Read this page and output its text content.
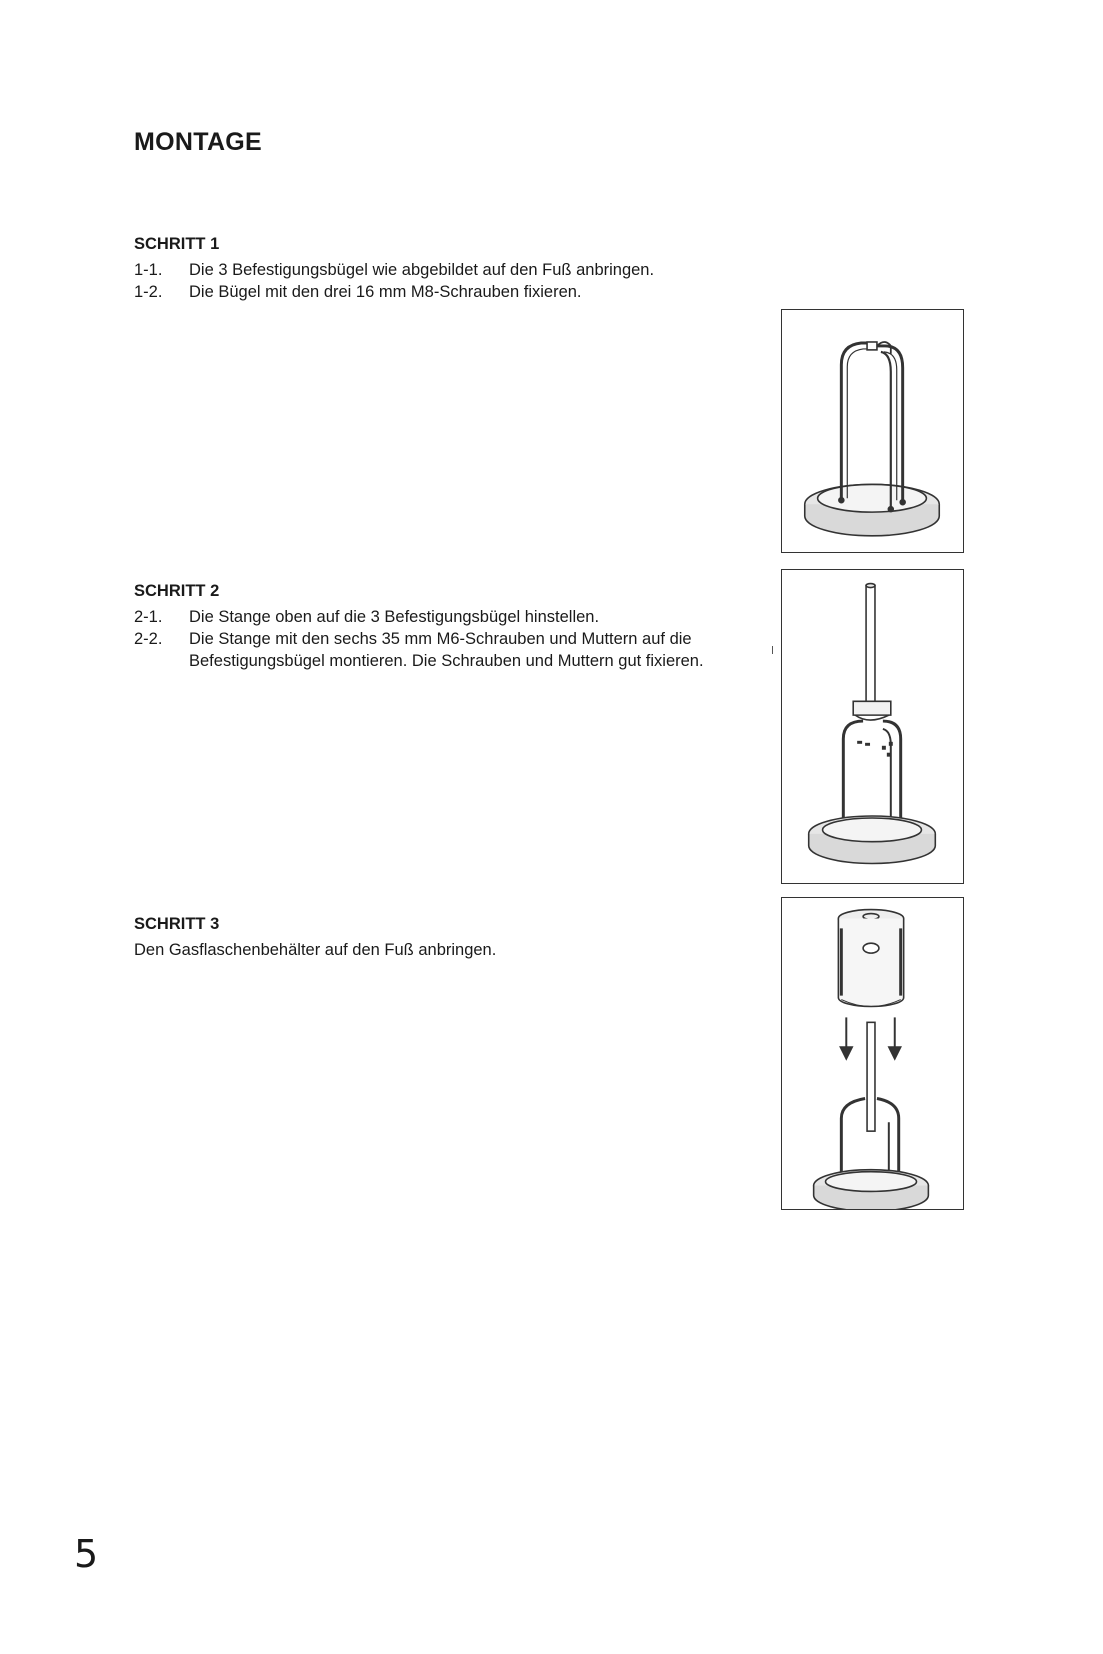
MONTAGE
SCHRITT 1
1-1.	Die 3 Befestigungsbügel wie abgebildet auf den Fuß anbringen.
1-2.	Die Bügel mit den drei 16 mm M8-Schrauben fixieren.
SCHRITT 2
2-1.	Die Stange oben auf die 3 Befestigungsbügel hinstellen.
2-2.	Die Stange mit den sechs 35 mm M6-Schrauben und Muttern auf die
Befestigungsbügel montieren. Die Schrauben und Muttern gut fixieren.
SCHRITT 3
Den Gasflaschenbehälter auf den Fuß anbringen.
5
